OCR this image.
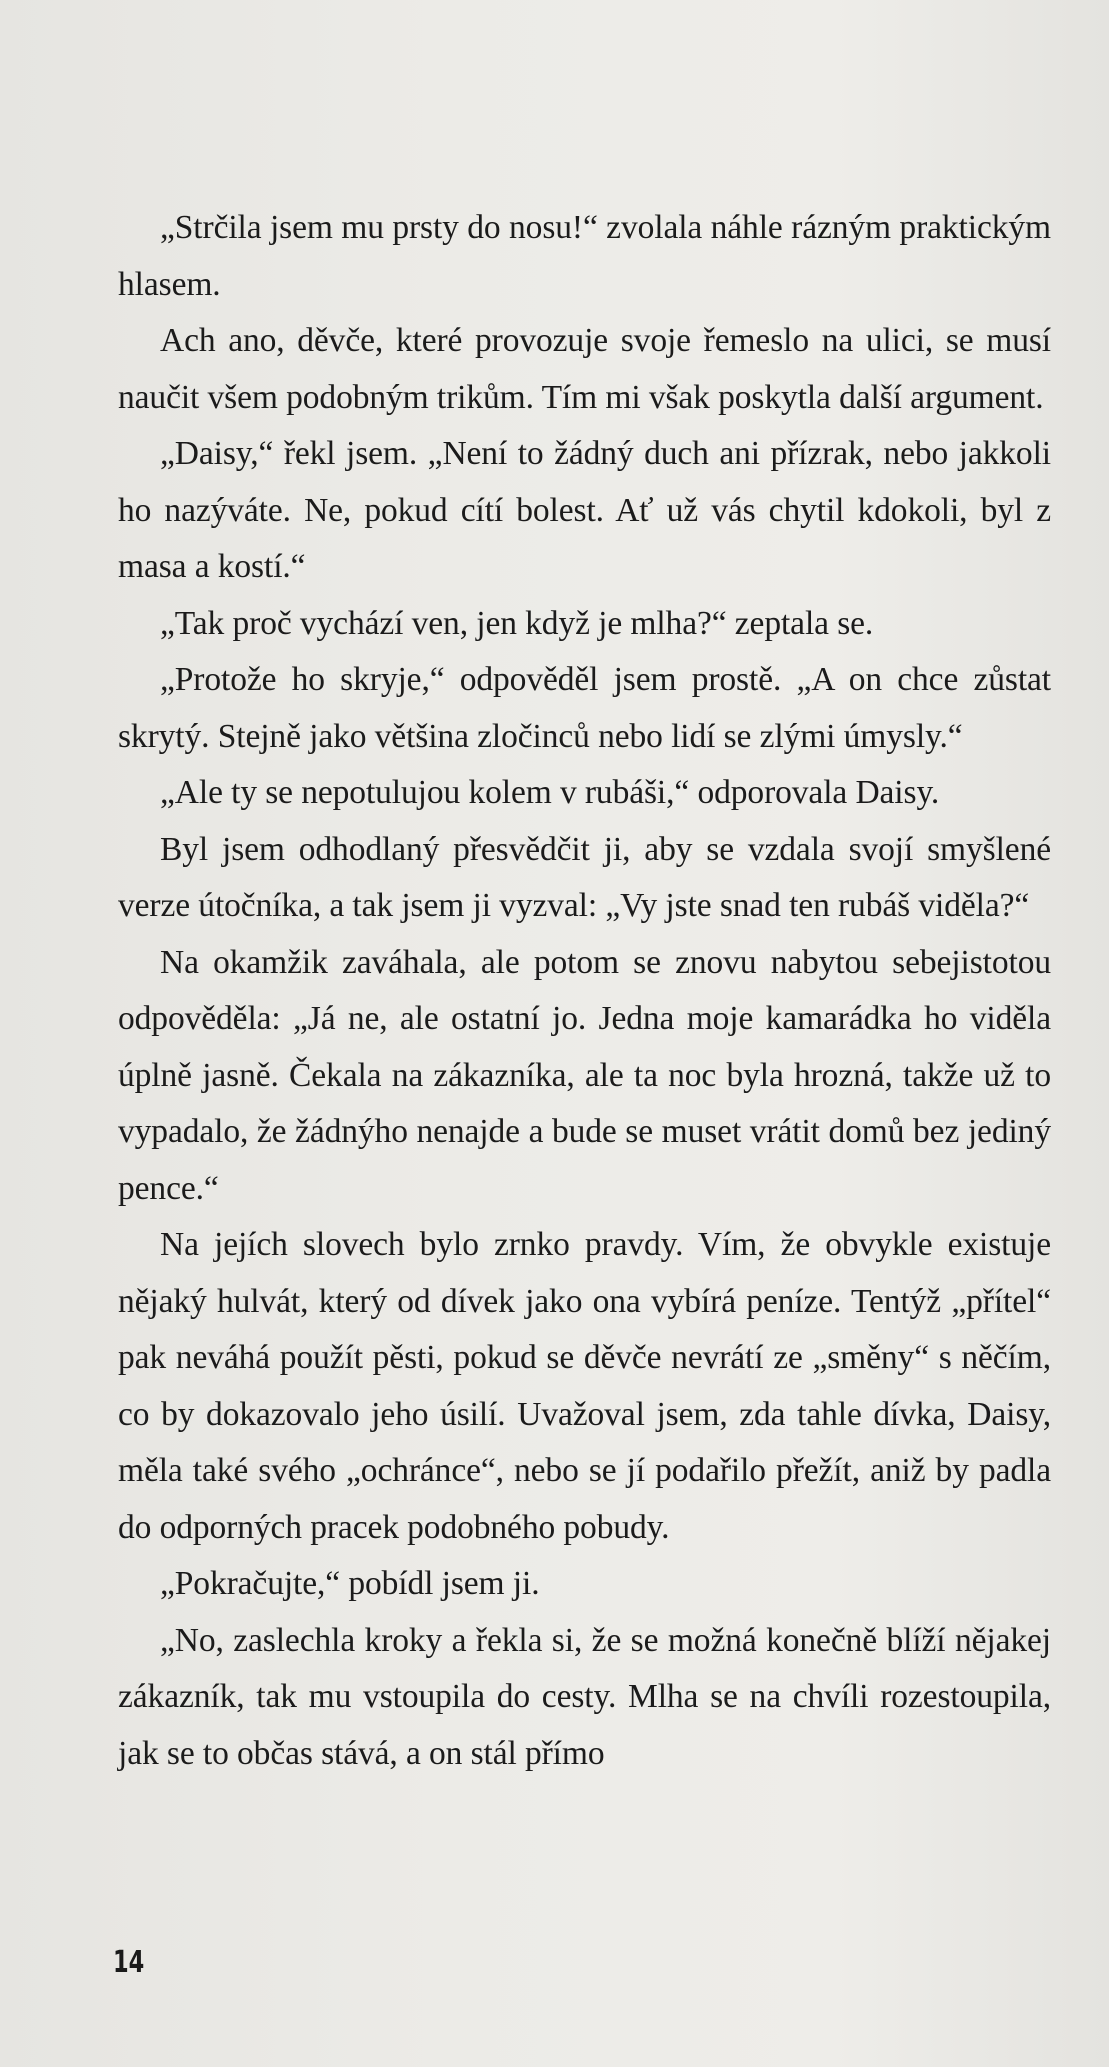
„Strčila jsem mu prsty do nosu!“ zvolala náhle rázným praktickým hlasem.

Ach ano, děvče, které provozuje svoje řemeslo na ulici, se musí naučit všem podobným trikům. Tím mi však poskytla další argument.

„Daisy,“ řekl jsem. „Není to žádný duch ani přízrak, nebo jakkoli ho nazýváte. Ne, pokud cítí bolest. Ať už vás chytil kdokoli, byl z masa a kostí.“

„Tak proč vychází ven, jen když je mlha?“ zeptala se.

„Protože ho skryje,“ odpověděl jsem prostě. „A on chce zůstat skrytý. Stejně jako většina zločinců nebo lidí se zlými úmysly.“

„Ale ty se nepotulujou kolem v rubáši,“ odporovala Daisy.

Byl jsem odhodlaný přesvědčit ji, aby se vzdala svojí smyšlené verze útočníka, a tak jsem ji vyzval: „Vy jste snad ten rubáš viděla?“

Na okamžik zaváhala, ale potom se znovu nabytou sebejistotou odpověděla: „Já ne, ale ostatní jo. Jedna moje kamarádka ho viděla úplně jasně. Čekala na zákazníka, ale ta noc byla hrozná, takže už to vypadalo, že žádnýho nenajde a bude se muset vrátit domů bez jediný pence.“

Na jejích slovech bylo zrnko pravdy. Vím, že obvykle existuje nějaký hulvát, který od dívek jako ona vybírá peníze. Tentýž „přítel“ pak neváhá použít pěsti, pokud se děvče nevrátí ze „směny“ s něčím, co by dokazovalo jeho úsilí. Uvažoval jsem, zda tahle dívka, Daisy, měla také svého „ochránce“, nebo se jí podařilo přežít, aniž by padla do odporných pracek podobného pobudy.

„Pokračujte,“ pobídl jsem ji.

„No, zaslechla kroky a řekla si, že se možná konečně blíží nějakej zákazník, tak mu vstoupila do cesty. Mlha se na chvíli rozestoupila, jak se to občas stává, a on stál přímo

14
